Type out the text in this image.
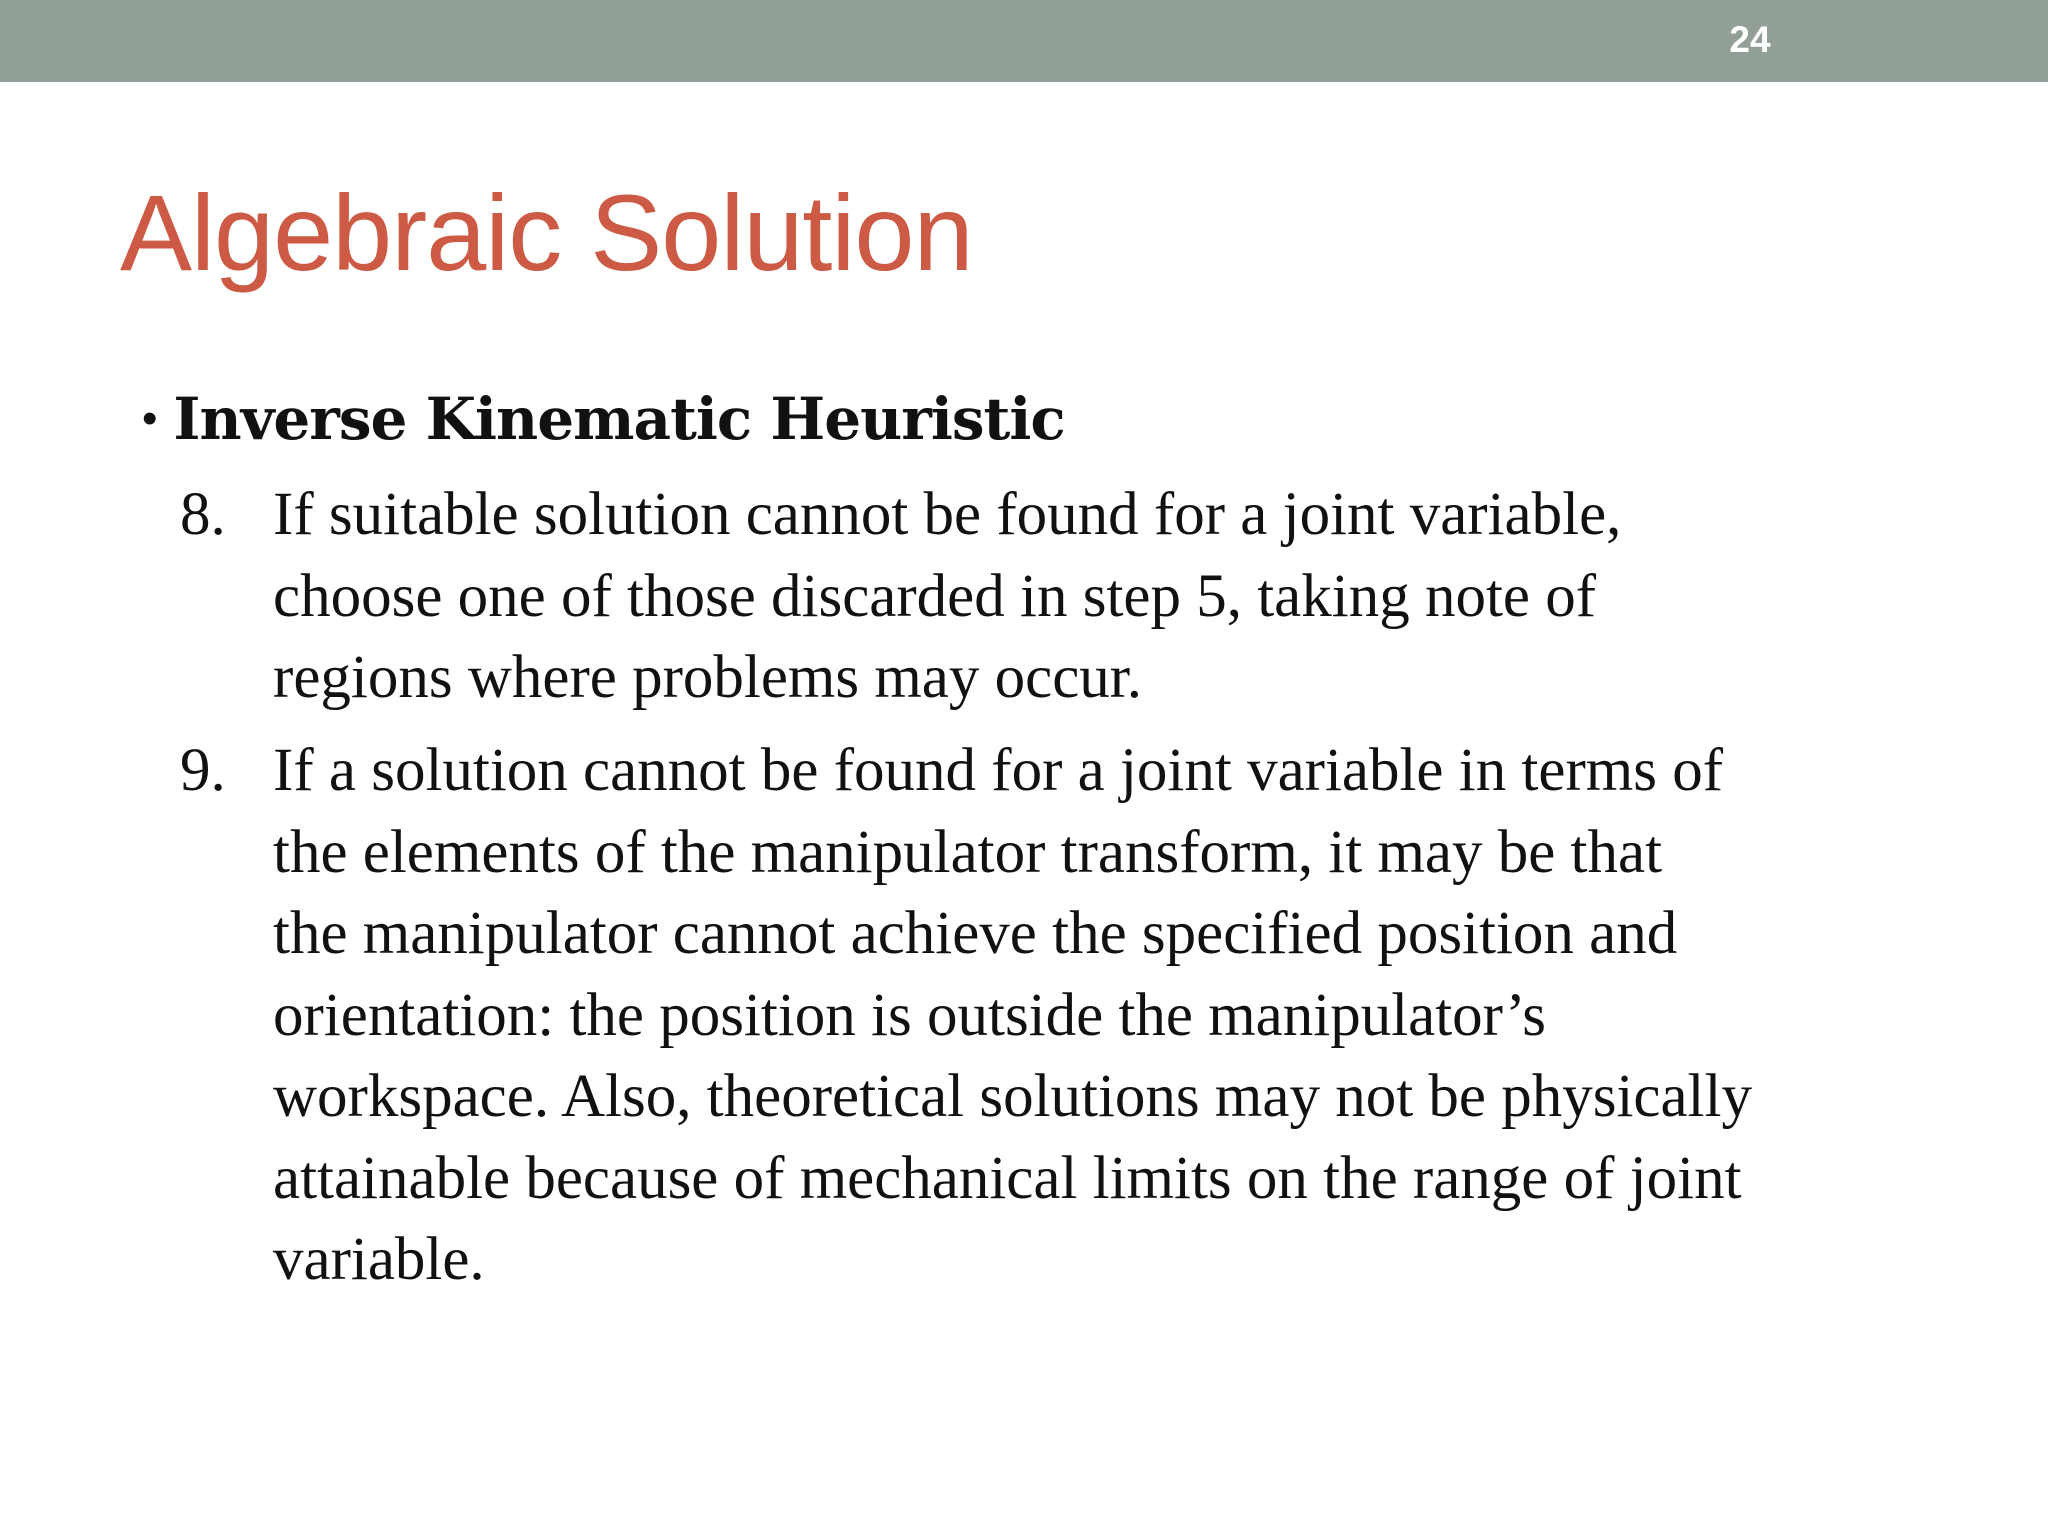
24
Algebraic Solution
• Inverse Kinematic Heuristic
8. If suitable solution cannot be found for a joint variable,
choose one of those discarded in step 5, taking note of
regions where problems may occur.
9. If a solution cannot be found for a joint variable in terms of
the elements of the manipulator transform, it may be that
the manipulator cannot achieve the specified position and
orientation: the position is outside the manipulator’s
workspace. Also, theoretical solutions may not be physically
attainable because of mechanical limits on the range of joint
variable.
